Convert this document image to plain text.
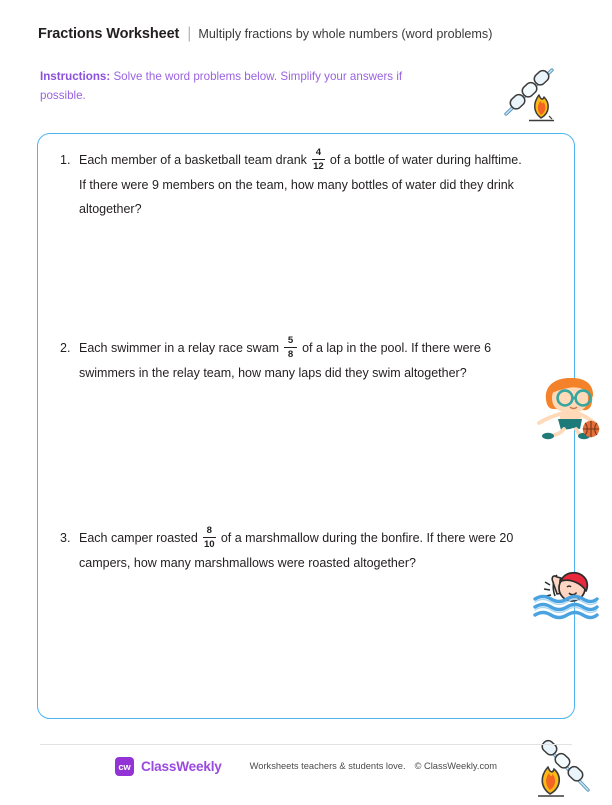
Fractions Worksheet | Multiply fractions by whole numbers (word problems)
Instructions: Solve the word problems below. Simplify your answers if possible.
1. Each member of a basketball team drank $\frac{4}{12}$ of a bottle of water during halftime. If there were 9 members on the team, how many bottles of water did they drink altogether?
2. Each swimmer in a relay race swam $\frac{5}{8}$ of a lap in the pool. If there were 6 swimmers in the relay team, how many laps did they swim altogether?
3. Each camper roasted $\frac{8}{10}$ of a marshmallow during the bonfire. If there were 20 campers, how many marshmallows were roasted altogether?
cw ClassWeekly	Worksheets teachers & students love. © ClassWeekly.com
